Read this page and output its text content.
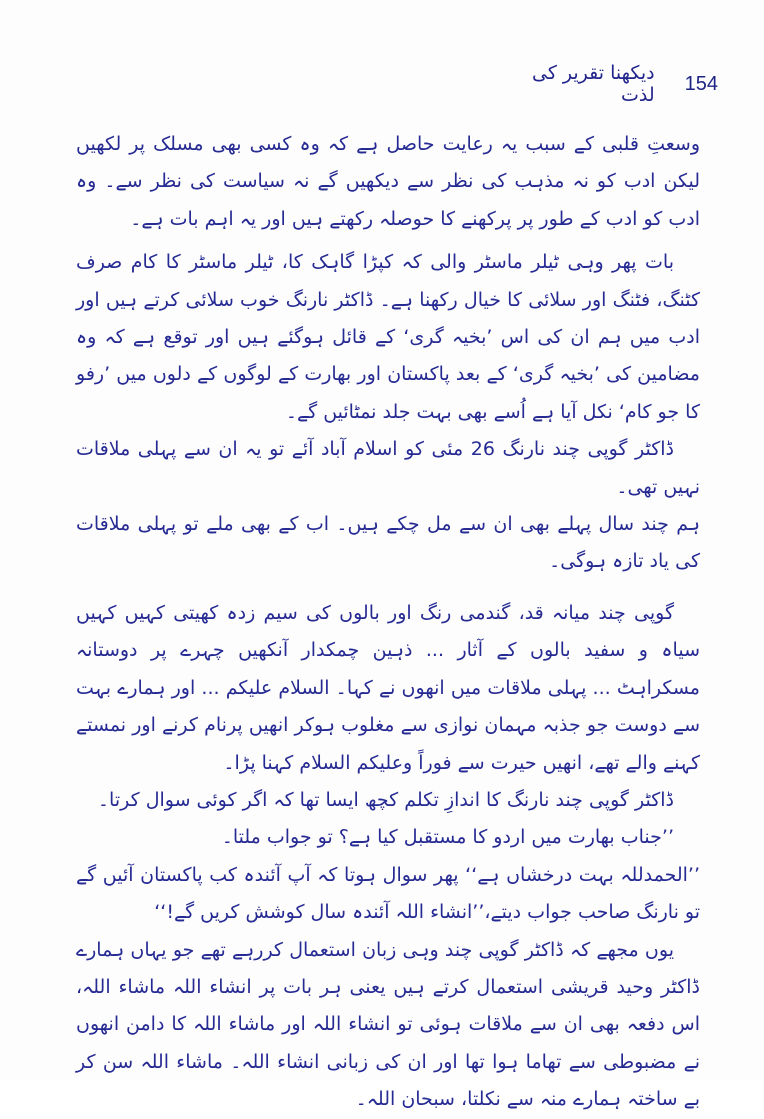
154
دیکھنا تقریر کی لذت

وسعتِ قلبی کے سبب یہ رعایت حاصل ہے کہ وہ کسی بھی مسلک پر لکھیں لیکن ادب کو نہ مذہب کی نظر سے دیکھیں گے نہ سیاست کی نظر سے۔ وہ ادب کو ادب کے طور پر پرکھنے کا حوصلہ رکھتے ہیں اور یہ اہم بات ہے۔

بات پھر وہی ٹیلر ماسٹر والی کہ کپڑا گاہک کا، ٹیلر ماسٹر کا کام صرف کٹنگ، فٹنگ اور سلائی کا خیال رکھنا ہے۔ ڈاکٹر نارنگ خوب سلائی کرتے ہیں اور ادب میں ہم ان کی اس ’بخیہ گری‘ کے قائل ہوگئے ہیں اور توقع ہے کہ وہ مضامین کی ’بخیہ گری‘ کے بعد پاکستان اور بھارت کے لوگوں کے دلوں میں ’رفو کا جو کام‘ نکل آیا ہے اُسے بھی بہت جلد نمٹائیں گے۔

ڈاکٹر گوپی چند نارنگ 26 مئی کو اسلام آباد آئے تو یہ ان سے پہلی ملاقات نہیں تھی۔

ہم چند سال پہلے بھی ان سے مل چکے ہیں۔ اب کے بھی ملے تو پہلی ملاقات کی یاد تازہ ہوگی۔

گوپی چند میانہ قد، گندمی رنگ اور بالوں کی سیم زدہ کھیتی کہیں کہیں سیاہ و سفید بالوں کے آثار ... ذہین چمکدار آنکھیں چہرے پر دوستانہ مسکراہٹ ... پہلی ملاقات میں انھوں نے کہا۔ السلام علیکم ... اور ہمارے بہت سے دوست جو جذبہ مہمان نوازی سے مغلوب ہوکر انھیں پرنام کرنے اور نمستے کہنے والے تھے، انھیں حیرت سے فوراً وعلیکم السلام کہنا پڑا۔

ڈاکٹر گوپی چند نارنگ کا اندازِ تکلم کچھ ایسا تھا کہ اگر کوئی سوال کرتا۔

’’جناب بھارت میں اردو کا مستقبل کیا ہے؟ تو جواب ملتا۔

’’الحمدللہ بہت درخشاں ہے‘‘ پھر سوال ہوتا کہ آپ آئندہ کب پاکستان آئیں گے تو نارنگ صاحب جواب دیتے،’’انشاء اللہ آئندہ سال کوشش کریں گے!‘‘

یوں مجھے کہ ڈاکٹر گوپی چند وہی زبان استعمال کررہے تھے جو یہاں ہمارے ڈاکٹر وحید قریشی استعمال کرتے ہیں یعنی ہر بات پر انشاء اللہ ماشاء اللہ، اس دفعہ بھی ان سے ملاقات ہوئی تو انشاء اللہ اور ماشاء اللہ کا دامن انھوں نے مضبوطی سے تھاما ہوا تھا اور ان کی زبانی انشاء اللہ۔ ماشاء اللہ سن کر بے ساختہ ہمارے منہ سے نکلتا، سبحان اللہ۔
